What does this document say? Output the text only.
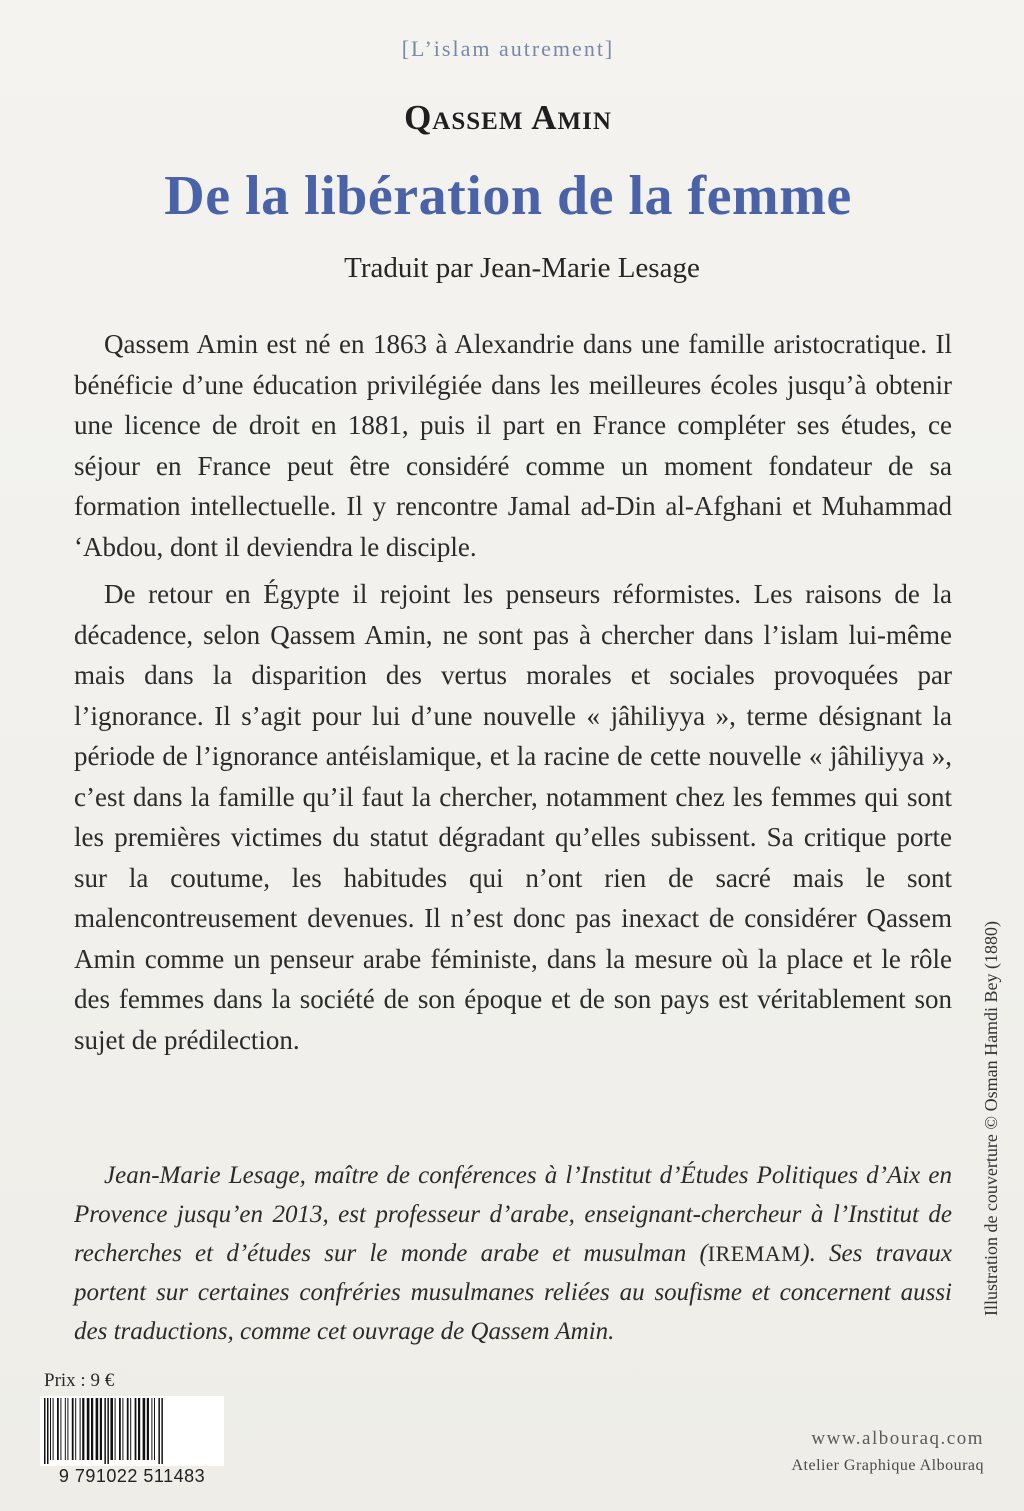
[L’islam autrement]
Qassem Amin
De la libération de la femme
Traduit par Jean-Marie Lesage

Qassem Amin est né en 1863 à Alexandrie dans une famille aristocratique. Il bénéficie d’une éducation privilégiée dans les meilleures écoles jusqu’à obtenir une licence de droit en 1881, puis il part en France compléter ses études, ce séjour en France peut être considéré comme un moment fondateur de sa formation intellectuelle. Il y rencontre Jamal ad-Din al-Afghani et Muhammad ‘Abdou, dont il deviendra le disciple.

De retour en Égypte il rejoint les penseurs réformistes. Les raisons de la décadence, selon Qassem Amin, ne sont pas à chercher dans l’islam lui-même mais dans la disparition des vertus morales et sociales provoquées par l’ignorance. Il s’agit pour lui d’une nouvelle « jâhiliyya », terme désignant la période de l’ignorance antéislamique, et la racine de cette nouvelle « jâhiliyya », c’est dans la famille qu’il faut la chercher, notamment chez les femmes qui sont les premières victimes du statut dégradant qu’elles subissent. Sa critique porte sur la coutume, les habitudes qui n’ont rien de sacré mais le sont malencontreusement devenues. Il n’est donc pas inexact de considérer Qassem Amin comme un penseur arabe féministe, dans la mesure où la place et le rôle des femmes dans la société de son époque et de son pays est véritablement son sujet de prédilection.

Jean-Marie Lesage, maître de conférences à l’Institut d’Études Politiques d’Aix en Provence jusqu’en 2013, est professeur d’arabe, enseignant-chercheur à l’Institut de recherches et d’études sur le monde arabe et musulman (IREMAM). Ses travaux portent sur certaines confréries musulmanes reliées au soufisme et concernent aussi des traductions, comme cet ouvrage de Qassem Amin.

Illustration de couverture © Osman Hamdi Bey (1880)
Prix : 9 €
9 791022 511483
www.albouraq.com
Atelier Graphique Albouraq
